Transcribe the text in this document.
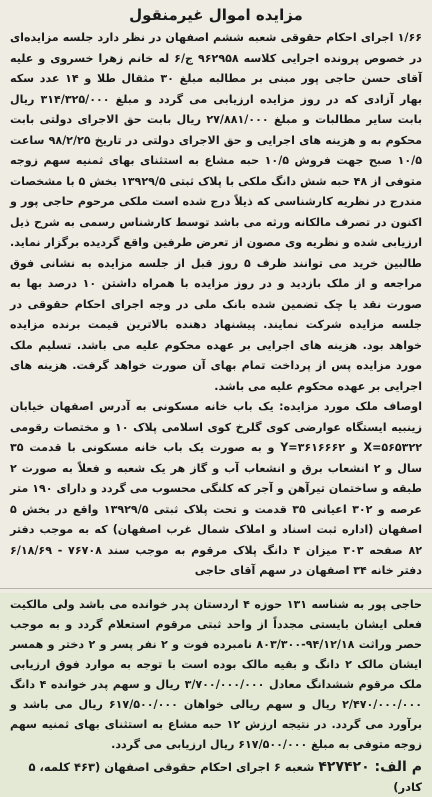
مزایده اموال غیرمنقول

۱/۶۶ اجرای احکام حقوقی شعبه ششم اصفهان در نظر دارد جلسه مزایده‌ای در خصوص پرونده اجرایی کلاسه ۹۶۲۹۵۸ ج/۶ له خانم زهرا خسروی و علیه آقای حسن حاجی پور مبنی بر مطالبه مبلغ ۳۰ مثقال طلا و ۱۴ عدد سکه بهار آزادی که در روز مزایده ارزیابی می گردد و مبلغ ۳۱۴/۳۲۵/۰۰۰ ریال بابت سایر مطالبات و مبلغ ۲۷/۸۸۱/۰۰۰ ریال بابت حق الاجرای دولتی بابت محکوم به و هزینه های اجرایی و حق الاجرای دولتی در تاریخ ۹۸/۲/۲۵ ساعت ۱۰/۵ صبح جهت فروش ۱۰/۵ حبه مشاع به استثنای بهای ثمنیه سهم زوجه متوفی از ۴۸ حبه شش دانگ ملکی با پلاک ثبتی ۱۳۹۲۹/۵ بخش ۵ با مشخصات مندرج در نظریه کارشناسی که ذیلاً درج شده است ملکی مرحوم حاجی پور و اکنون در تصرف مالکانه ورثه می باشد توسط کارشناس رسمی به شرح ذیل ارزیابی شده و نظریه وی مصون از تعرض طرفین واقع گردیده برگزار نماید. طالبین خرید می توانند ظرف ۵ روز قبل از جلسه مزایده به نشانی فوق مراجعه و از ملک بازدید و در روز مزایده با همراه داشتن ۱۰ درصد بها به صورت نقد یا چک تضمین شده بانک ملی در وجه اجرای احکام حقوقی در جلسه مزایده شرکت نمایند. پیشنهاد دهنده بالاترین قیمت برنده مزایده خواهد بود. هزینه های اجرایی بر عهده محکوم علیه می باشد. تسلیم ملک مورد مزایده پس از پرداخت تمام بهای آن صورت خواهد گرفت. هزینه های اجرایی بر عهده محکوم علیه می باشد.

اوصاف ملک مورد مزایده: یک باب خانه مسکونی به آدرس اصفهان خیابان زینبیه ایستگاه عوارضی کوی گلرخ کوی اسلامی پلاک ۱۰ و مختصات رقومی X=۵۶۵۳۲۲ و Y=۳۶۱۶۶۶۲ و به صورت یک باب خانه مسکونی با قدمت ۳۵ سال و ۲ انشعاب برق و انشعاب آب و گاز هر یک شعبه و فعلاً به صورت ۲ طبقه و ساختمان تیرآهن و آجر که کلنگی محسوب می گردد و دارای ۱۹۰ متر عرصه و ۳۰۲ اعیانی ۳۵ قدمت و تحت پلاک ثبتی ۱۳۹۲۹/۵ واقع در بخش ۵ اصفهان (اداره ثبت اسناد و املاک شمال غرب اصفهان) که به موجب دفتر ۸۲ صفحه ۳۰۳ میزان ۴ دانگ پلاک مرقوم به موجب سند ۷۶۷۰۸ - ۶/۱۸/۶۹ دفتر خانه ۳۴ اصفهان در سهم آقای حاجی

حاجی پور به شناسه ۱۳۱ حوزه ۴ اردستان پدر خوانده می باشد ولی مالکیت فعلی ایشان بایستی مجدداً از واحد ثبتی مرقوم استعلام گردد و به موجب حصر وراثت ۹۴/۱۲/۱۸-۸۰۳/۳۰۰ نامبرده فوت و ۲ نفر پسر و ۲ دختر و همسر ایشان مالک ۲ دانگ و بقیه مالک بوده است با توجه به موارد فوق ارزیابی ملک مرقوم ششدانگ معادل ۳/۷۰۰/۰۰۰/۰۰۰ ریال و سهم پدر خوانده ۴ دانگ ۲/۴۷۰/۰۰۰/۰۰۰ ریال و سهم ریالی خواهان ۶۱۷/۵۰۰/۰۰۰ ریال می باشد و برآورد می گردد. در نتیجه ارزش ۱۲ حبه مشاع به استثنای بهای ثمنیه سهم زوجه متوفی به مبلغ ۶۱۷/۵۰۰/۰۰۰ ریال ارزیابی می گردد.

م الف: ۴۲۷۴۲۰ شعبه ۶ اجرای احکام حقوقی اصفهان (۴۶۳ کلمه، ۵ کادر)
